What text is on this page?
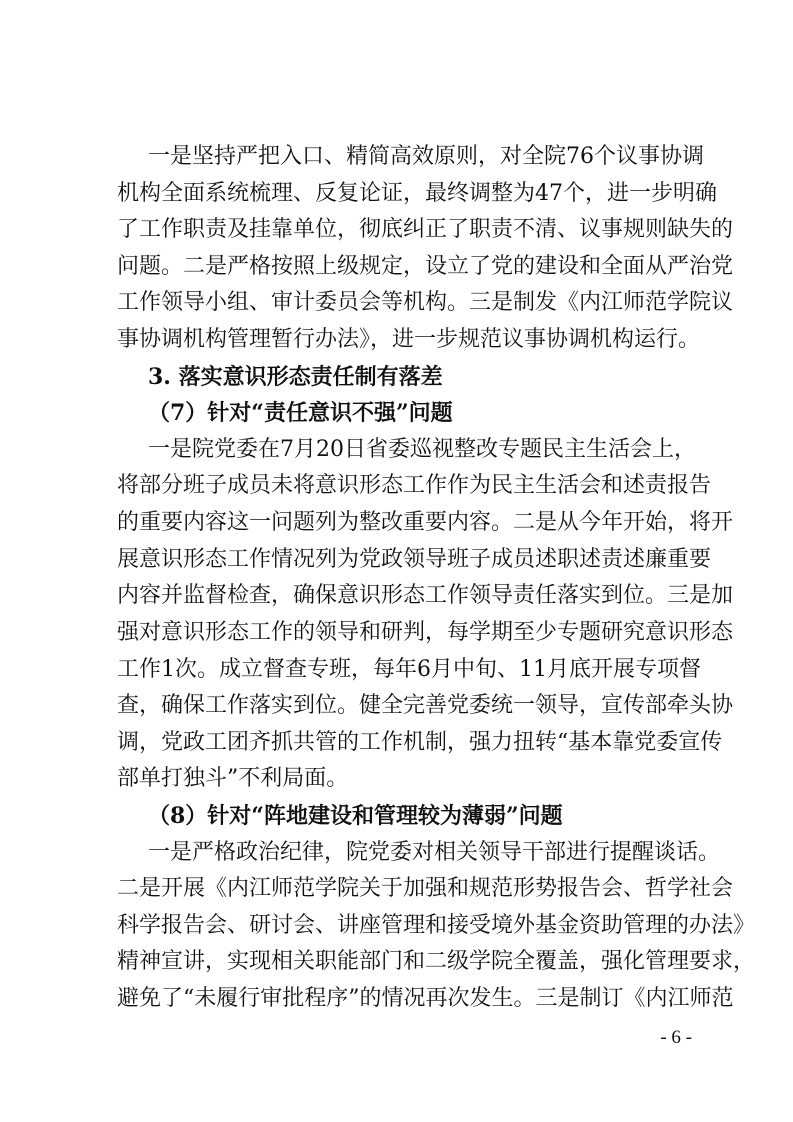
一是坚持严把入口、精简高效原则，对全院76个议事协调
机构全面系统梳理、反复论证，最终调整为47个，进一步明确
了工作职责及挂靠单位，彻底纠正了职责不清、议事规则缺失的
问题。二是严格按照上级规定，设立了党的建设和全面从严治党
工作领导小组、审计委员会等机构。三是制发《内江师范学院议
事协调机构管理暂行办法》，进一步规范议事协调机构运行。
3. 落实意识形态责任制有落差
（7）针对“责任意识不强”问题
一是院党委在7月20日省委巡视整改专题民主生活会上，
将部分班子成员未将意识形态工作作为民主生活会和述责报告
的重要内容这一问题列为整改重要内容。二是从今年开始，将开
展意识形态工作情况列为党政领导班子成员述职述责述廉重要
内容并监督检查，确保意识形态工作领导责任落实到位。三是加
强对意识形态工作的领导和研判，每学期至少专题研究意识形态
工作1次。成立督查专班，每年6月中旬、11月底开展专项督
查，确保工作落实到位。健全完善党委统一领导，宣传部牵头协
调，党政工团齐抓共管的工作机制，强力扭转“基本靠党委宣传
部单打独斗”不利局面。
（8）针对“阵地建设和管理较为薄弱”问题
一是严格政治纪律，院党委对相关领导干部进行提醒谈话。
二是开展《内江师范学院关于加强和规范形势报告会、哲学社会
科学报告会、研讨会、讲座管理和接受境外基金资助管理的办法》
精神宣讲，实现相关职能部门和二级学院全覆盖，强化管理要求，
避免了“未履行审批程序”的情况再次发生。三是制订《内江师范
- 6 -
